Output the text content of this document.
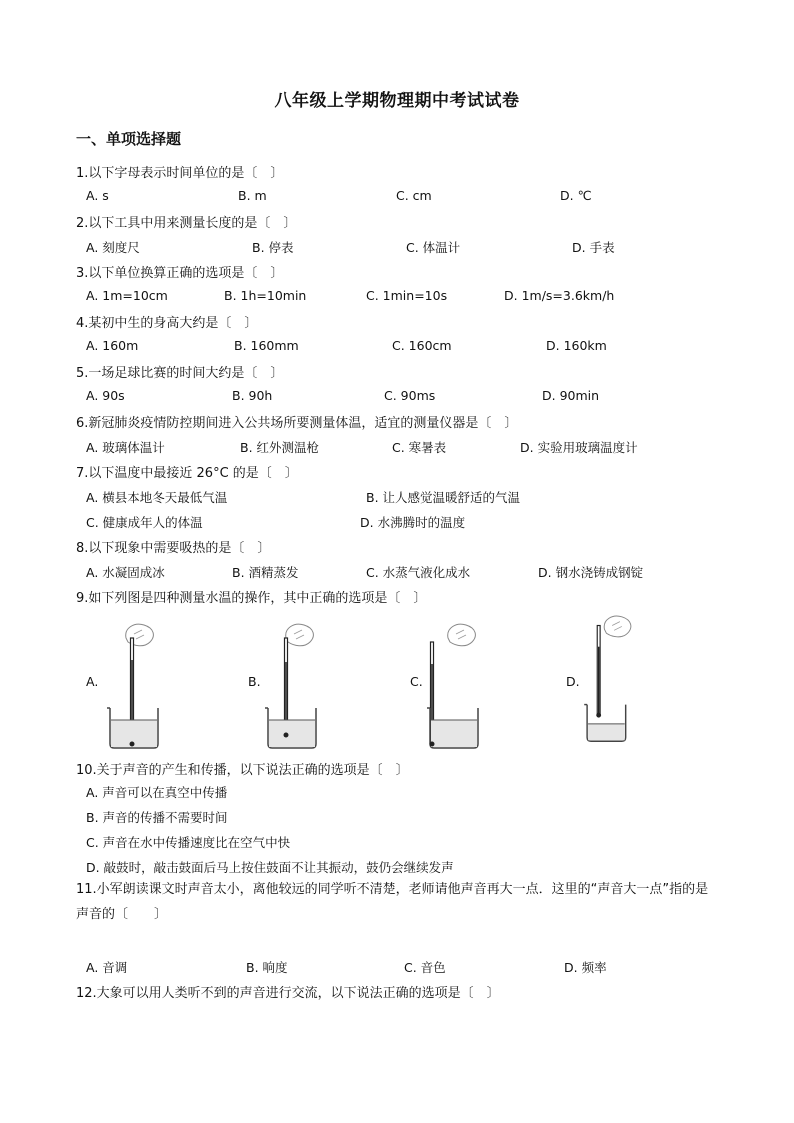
八年级上学期物理期中考试试卷
一、单项选择题
1.以下字母表示时间单位的是〔　〕
A. s	B. m	C. cm	D. ℃
2.以下工具中用来测量长度的是〔　〕
A. 刻度尺	B. 停表	C. 体温计	D. 手表
3.以下单位换算正确的选项是〔　〕
A. 1m=10cm	B. 1h=10min	C. 1min=10s	D. 1m/s=3.6km/h
4.某初中生的身高大约是〔　〕
A. 160m	B. 160mm	C. 160cm	D. 160km
5.一场足球比赛的时间大约是〔　〕
A. 90s	B. 90h	C. 90ms	D. 90min
6.新冠肺炎疫情防控期间进入公共场所要测量体温，适宜的测量仪器是〔　〕
A. 玻璃体温计	B. 红外测温枪	C. 寒暑表	D. 实验用玻璃温度计
7.以下温度中最接近 26°C 的是〔　〕
A. 横县本地冬天最低气温	B. 让人感觉温暖舒适的气温
C. 健康成年人的体温	D. 水沸腾时的温度
8.以下现象中需要吸热的是〔　〕
A. 水凝固成冰	B. 酒精蒸发	C. 水蒸气液化成水	D. 钢水浇铸成钢锭
9.如下列图是四种测量水温的操作，其中正确的选项是〔　〕
A.	B.	C.	D.
10.关于声音的产生和传播，以下说法正确的选项是〔　〕
A. 声音可以在真空中传播
B. 声音的传播不需要时间
C. 声音在水中传播速度比在空气中快
D. 敲鼓时，敲击鼓面后马上按住鼓面不让其振动，鼓仍会继续发声
11.小军朗读课文时声音太小，离他较远的同学听不清楚，老师请他声音再大一点．这里的“声音大一点”指的是声音的〔　　〕
A. 音调	B. 响度	C. 音色	D. 频率
12.大象可以用人类听不到的声音进行交流，以下说法正确的选项是〔　〕
